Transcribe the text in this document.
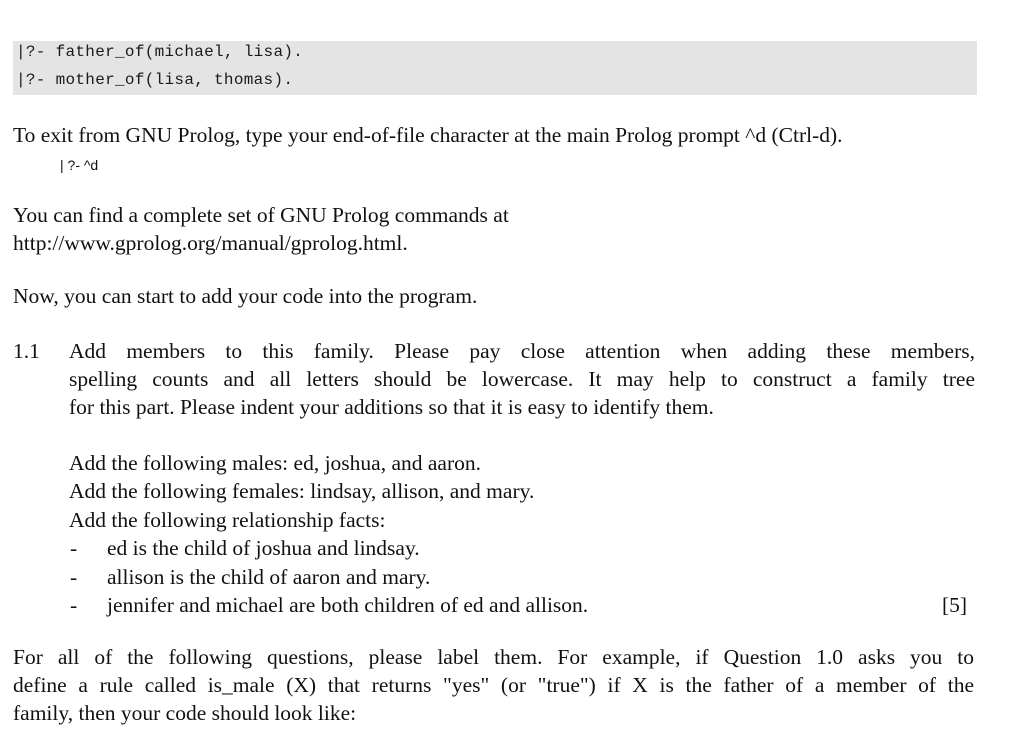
|?- father_of(michael, lisa).
|?- mother_of(lisa, thomas).
To exit from GNU Prolog, type your end-of-file character at the main Prolog prompt ^d (Ctrl-d).
| ?- ^d
You can find a complete set of GNU Prolog commands at
http://www.gprolog.org/manual/gprolog.html.
Now, you can start to add your code into the program.
1.1 Add members to this family. Please pay close attention when adding these members,
spelling counts and all letters should be lowercase. It may help to construct a family tree
for this part. Please indent your additions so that it is easy to identify them.
Add the following males: ed, joshua, and aaron.
Add the following females: lindsay, allison, and mary.
Add the following relationship facts:
- ed is the child of joshua and lindsay.
- allison is the child of aaron and mary.
- jennifer and michael are both children of ed and allison.	[5]
For all of the following questions, please label them. For example, if Question 1.0 asks you to
define a rule called is_male (X) that returns "yes" (or "true") if X is the father of a member of the
family, then your code should look like:
